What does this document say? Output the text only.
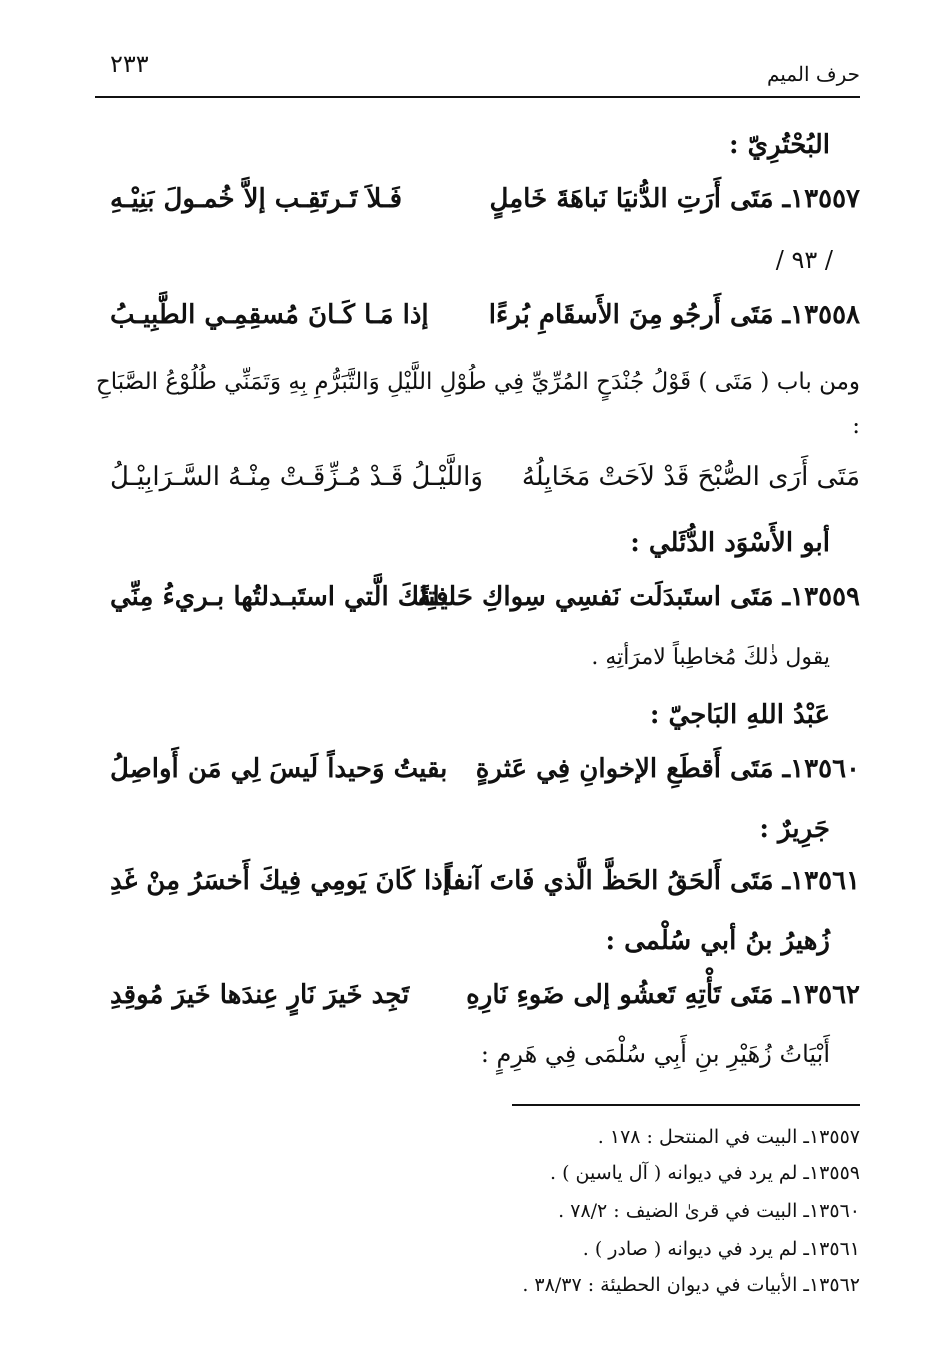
٢٣٣	حرف الميم
البُحْتُرِيّ :
١٣٥٥٧ـ مَتَى أَرَتِ الدُّنيَا نَباهَةَ خَامِلٍ
فَـلاَ تَـرتَقِـب إلاَّ خُمـولَ بَنِيْـهِ
/ ٩٣ /
١٣٥٥٨ـ مَتَى أَرجُو مِنَ الأَسقَامِ بُرءًا
إذا مَـا كَـانَ مُسقِمِـي الطَّبِيـبُ
ومن باب ( مَتَى ) قَوْلُ جُنْدَحٍ المُرِّيِّ فِي طُوْلِ اللَّيْلِ وَالتَّبَرُّمِ بِهِ وَتَمَنِّي طُلُوْعُ الصَّبَاحِ :
مَتَى أَرَى الصُّبْحَ قَدْ لاَحَتْ مَخَايِلُهُ
وَاللَّيْـلُ قَـدْ مُـزِّقَـتْ مِنْـهُ السَّـرَابِيْـلُ
أبو الأَسْوَد الدُّئَلي :
١٣٥٥٩ـ مَتَى استَبدَلَت نَفسِي سِواكِ حَليلةً
فتِلكَ الَّتي استَبـدلتُها بـريءُ مِنِّي
يقول ذٰلكَ مُخاطِباً لامرَأتِهِ .
عَبْدُ اللهِ البَاجيّ :
١٣٥٦٠ـ مَتَى أَقطَعِ الإخوانِ فِي عَثرةٍ
بقيتُ وَحيداً لَيسَ لِي مَن أَواصِلُ
جَرِيرٌ :
١٣٥٦١ـ مَتَى أَلحَقُ الحَظَّ الَّذي فَاتَ آنفاً
إذا كَانَ يَومِي فِيكَ أَخسَرُ مِنْ غَدِ
زُهيرُ بنُ أبي سُلْمى :
١٣٥٦٢ـ مَتَى تَأْتِهِ تَعشُو إلى ضَوءِ نَارِهِ
تَجِد خَيرَ نَارٍ عِندَها خَيرَ مُوقِدِ
أَبْيَاتُ زُهَيْرِ بنِ أَبِي سُلْمَى فِي هَرِمٍ :
١٣٥٥٧ـ البيت في المنتحل : ١٧٨ .
١٣٥٥٩ـ لم يرد في ديوانه ( آل ياسين ) .
١٣٥٦٠ـ البيت في قرىٰ الضيف : ٧٨/٢ .
١٣٥٦١ـ لم يرد في ديوانه ( صادر ) .
١٣٥٦٢ـ الأبيات في ديوان الحطيئة : ٣٨/٣٧ .
